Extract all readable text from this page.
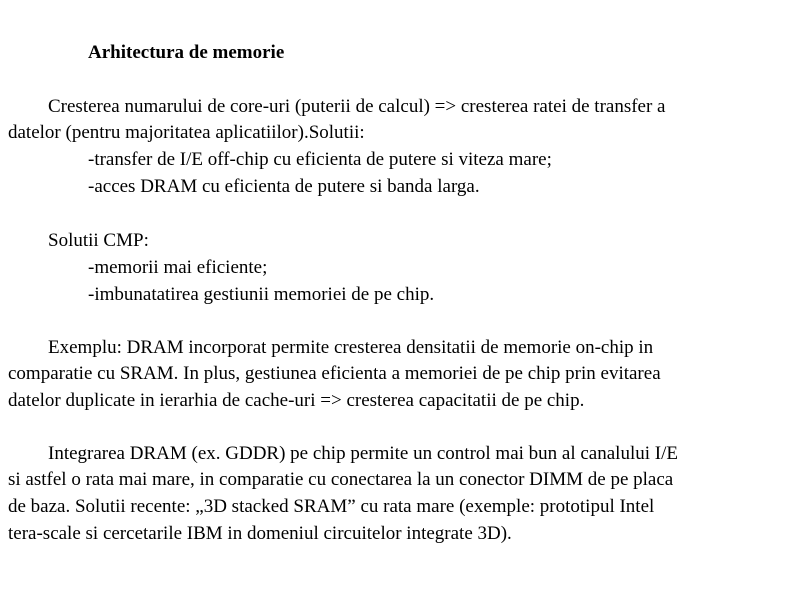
Arhitectura de memorie
Cresterea numarului de core-uri (puterii de calcul) => cresterea ratei de transfer a
datelor (pentru majoritatea aplicatiilor).Solutii:
-transfer de I/E off-chip cu eficienta de putere si viteza mare;
-acces DRAM cu eficienta de putere si banda larga.
Solutii CMP:
-memorii mai eficiente;
-imbunatatirea gestiunii memoriei de pe chip.
Exemplu: DRAM incorporat permite cresterea densitatii de memorie on-chip in
comparatie cu SRAM. In plus, gestiunea eficienta a memoriei de pe chip prin evitarea
datelor duplicate in ierarhia de cache-uri => cresterea capacitatii de pe chip.
Integrarea DRAM (ex. GDDR) pe chip permite un control mai bun al canalului I/E
si astfel o rata mai mare, in comparatie cu conectarea la un conector DIMM de pe placa
de baza. Solutii recente: „3D stacked SRAM” cu rata mare (exemple: prototipul Intel
tera-scale si cercetarile IBM in domeniul circuitelor integrate 3D).
